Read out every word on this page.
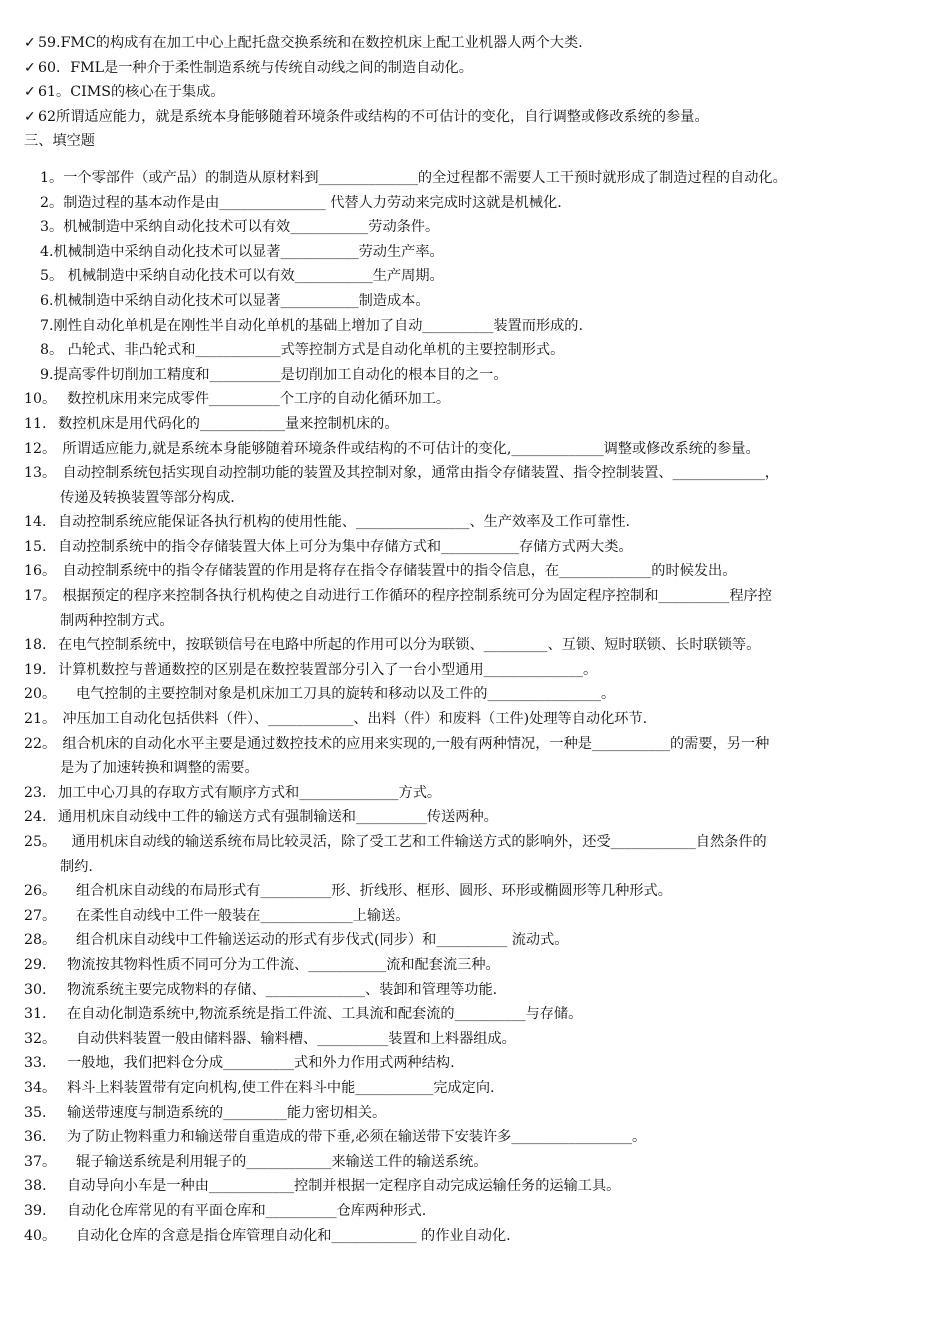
✓ 59.FMC的构成有在加工中心上配托盘交换系统和在数控机床上配工业机器人两个大类.
✓ 60．FML是一种介于柔性制造系统与传统自动线之间的制造自动化。
✓ 61。CIMS的核心在于集成。
✓ 62所谓适应能力，就是系统本身能够随着环境条件或结构的不可估计的变化，自行调整或修改系统的参量。
三、填空题
1。一个零部件（或产品）的制造从原材料到______________的全过程都不需要人工干预时就形成了制造过程的自动化。
2。制造过程的基本动作是由_______________ 代替人力劳动来完成时这就是机械化.
3。机械制造中采纳自动化技术可以有效___________劳动条件。
4.机械制造中采纳自动化技术可以显著___________劳动生产率。
5。 机械制造中采纳自动化技术可以有效___________生产周期。
6.机械制造中采纳自动化技术可以显著___________制造成本。
7.刚性自动化单机是在刚性半自动化单机的基础上增加了自动__________装置而形成的.
8。 凸轮式、非凸轮式和____________式等控制方式是自动化单机的主要控制形式。
9.提高零件切削加工精度和__________是切削加工自动化的根本目的之一。
10。  数控机床用来完成零件__________个工序的自动化循环加工。
11. 数控机床是用代码化的____________量来控制机床的。
12。 所谓适应能力,就是系统本身能够随着环境条件或结构的不可估计的变化,_____________调整或修改系统的参量。
13。 自动控制系统包括实现自动控制功能的装置及其控制对象，通常由指令存储装置、指令控制装置、_____________，
传递及转换装置等部分构成.
14. 自动控制系统应能保证各执行机构的使用性能、________________、生产效率及工作可靠性.
15. 自动控制系统中的指令存储装置大体上可分为集中存储方式和___________存储方式两大类。
16。 自动控制系统中的指令存储装置的作用是将存在指令存储装置中的指令信息，在_____________的时候发出。
17。 根据预定的程序来控制各执行机构使之自动进行工作循环的程序控制系统可分为固定程序控制和__________程序控
制两种控制方式。
18. 在电气控制系统中，按联锁信号在电路中所起的作用可以分为联锁、_________、互锁、短时联锁、长时联锁等。
19. 计算机数控与普通数控的区别是在数控装置部分引入了一台小型通用______________。
20。    电气控制的主要控制对象是机床加工刀具的旋转和移动以及工件的________________。
21。 冲压加工自动化包括供料（件）、____________、出料（件）和废料（工件)处理等自动化环节.
22。 组合机床的自动化水平主要是通过数控技术的应用来实现的,一般有两种情况，一种是___________的需要，另一种
是为了加速转换和调整的需要。
23. 加工中心刀具的存取方式有顺序方式和______________方式。
24. 通用机床自动线中工件的输送方式有强制输送和__________传送两种。
25。   通用机床自动线的输送系统布局比较灵活，除了受工艺和工件输送方式的影响外，还受____________自然条件的
制约.
26。    组合机床自动线的布局形式有__________形、折线形、框形、圆形、环形或椭圆形等几种形式。
27。    在柔性自动线中工件一般装在_____________上输送。
28。    组合机床自动线中工件输送运动的形式有步伐式(同步）和__________ 流动式。
29.  物流按其物料性质不同可分为工件流、___________流和配套流三种。
30.  物流系统主要完成物料的存储、______________、装卸和管理等功能.
31.  在自动化制造系统中,物流系统是指工件流、工具流和配套流的__________与存储。
32。    自动供料装置一般由储料器、输料槽、__________装置和上料器组成。
33.  一般地，我们把料仓分成__________式和外力作用式两种结构.
34。  料斗上料装置带有定向机构,使工件在料斗中能___________完成定向.
35.  输送带速度与制造系统的_________能力密切相关。
36.  为了防止物料重力和输送带自重造成的带下垂,必须在输送带下安装许多_________________。
37。    辊子输送系统是利用辊子的____________来输送工件的输送系统。
38.  自动导向小车是一种由____________控制并根据一定程序自动完成运输任务的运输工具。
39.  自动化仓库常见的有平面仓库和__________仓库两种形式.
40。    自动化仓库的含意是指仓库管理自动化和____________ 的作业自动化.
